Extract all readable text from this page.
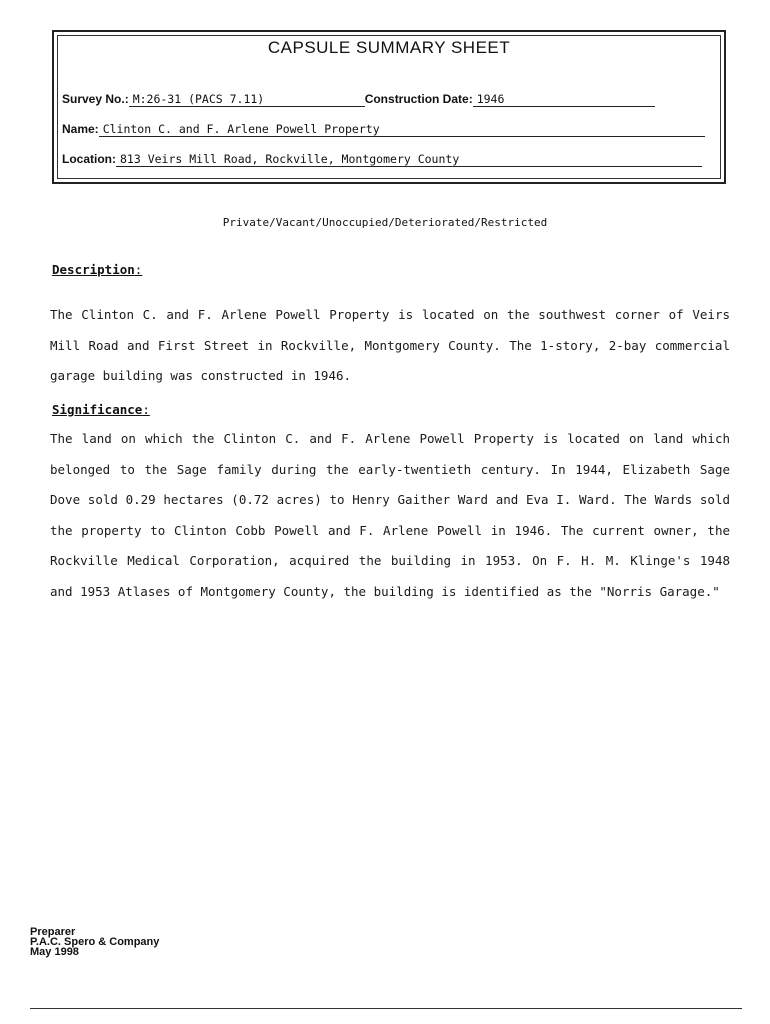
CAPSULE SUMMARY SHEET
Survey No.: M:26-31 (PACS 7.11)	Construction Date: 1946
Name: Clinton C. and F. Arlene Powell Property
Location: 813 Veirs Mill Road, Rockville, Montgomery County
Private/Vacant/Unoccupied/Deteriorated/Restricted
Description:
The Clinton C. and F. Arlene Powell Property is located on the southwest corner of Veirs Mill Road and First Street in Rockville, Montgomery County. The 1-story, 2-bay commercial garage building was constructed in 1946.
Significance:
The land on which the Clinton C. and F. Arlene Powell Property is located on land which belonged to the Sage family during the early-twentieth century. In 1944, Elizabeth Sage Dove sold 0.29 hectares (0.72 acres) to Henry Gaither Ward and Eva I. Ward. The Wards sold the property to Clinton Cobb Powell and F. Arlene Powell in 1946. The current owner, the Rockville Medical Corporation, acquired the building in 1953. On F. H. M. Klinge's 1948 and 1953 Atlases of Montgomery County, the building is identified as the "Norris Garage."
Preparer
P.A.C. Spero & Company
May 1998
